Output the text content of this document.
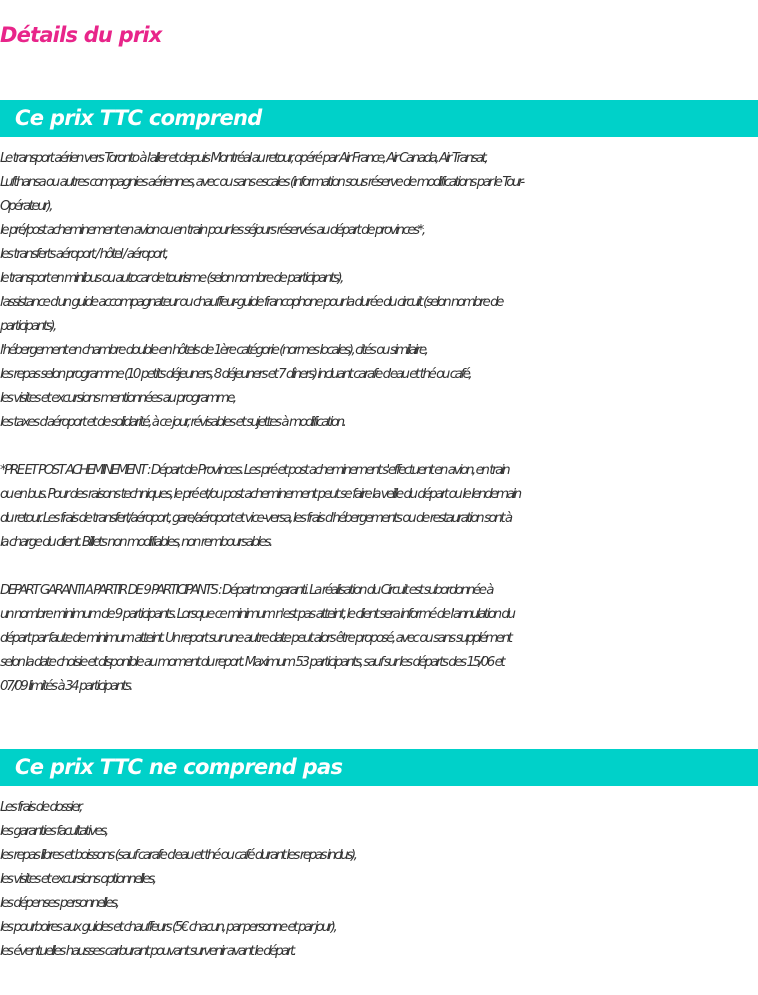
Détails du prix
Ce prix TTC comprend
Le transport aérien vers Toronto à l'aller et depuis Montréal au retour, opéré par Air France, Air Canada, Air Transat,
Lufthansa ou autres compagnies aériennes, avec ou sans escales (information sous réserve de modifications par le Tour-
Opérateur),
le pré/post acheminement en avion ou en train pour les séjours réservés au départ de provinces*,
les transferts aéroport / hôtel / aéroport,
le transport en minibus ou autocar de tourisme (selon nombre de participants),
l'assistance d'un guide accompagnateur ou chauffeur-guide francophone pour la durée du circuit (selon nombre de
participants),
l'hébergement en chambre double en hôtels de 1ère catégorie (normes locales), cités ou similaire,
les repas selon programme (10 petits déjeuners, 8 déjeuners et 7 dîners) incluant carafe d'eau et thé ou café,
les visites et excursions mentionnées au programme,
les taxes d'aéroport et de solidarité, à ce jour, révisables et sujettes à modification.
*PRE ET POST ACHEMINEMENT : Départ de Provinces. Les pré et post acheminement s'effectuent en avion, en train
ou en bus. Pour des raisons techniques, le pré et/ou post acheminement peut se faire la veille du départ ou le lendemain
du retour. Les frais de transfert/aéroport, gare/aéroport et vice-versa, les frais d'hébergements ou de restauration sont à
la charge du client. Billets non modifiables, non remboursables.
DEPART GARANTI A PARTIR DE 9 PARTICIPANTS : Départ non garanti. La réalisation du Circuit est subordonnée à
un nombre minimum de 9 participants. Lorsque ce minimum n'est pas atteint, le client sera informé de l'annulation du
départ par faute de minimum atteint. Un report sur une autre date peut alors être proposé, avec ou sans supplément
selon la date choisie et disponible au moment du report. Maximum 53 participants, sauf sur les départs des 15/06 et
07/09 limités à 34 participants.
Ce prix TTC ne comprend pas
Les frais de dossier,
les garanties facultatives,
les repas libres et boissons (sauf carafe d'eau et thé ou café durant les repas inclus),
les visites et excursions optionnelles,
les dépenses personnelles,
les pourboires aux guides et chauffeurs (5€ chacun, par personne et par jour),
les éventuelles hausses carburant pouvant survenir avant le départ.
